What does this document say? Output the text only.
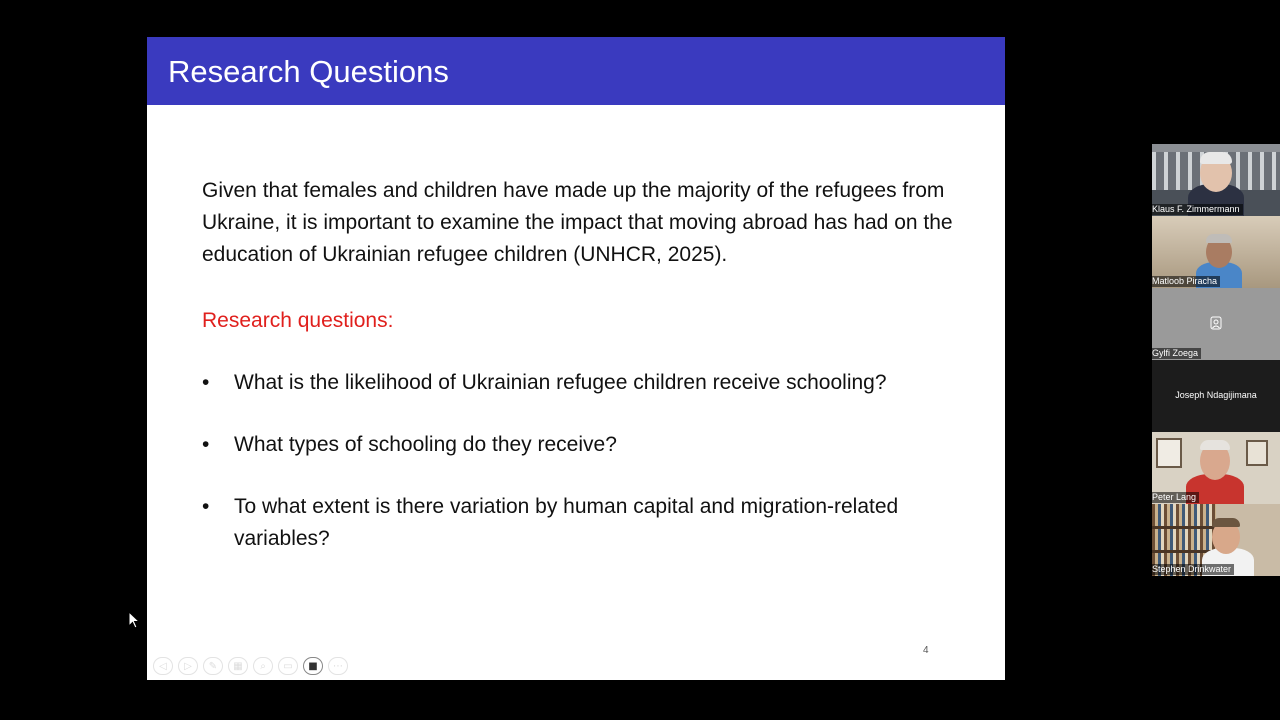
Research Questions

Given that females and children have made up the majority of the refugees from Ukraine, it is important to examine the impact that moving abroad has had on the education of Ukrainian refugee children (UNHCR, 2025).

Research questions:

•	What is the likelihood of Ukrainian refugee children receive schooling?
•	What types of schooling do they receive?
•	To what extent is there variation by human capital and migration-related variables?
4
◁	▷	✎	▦	⌕	▭	■	⋯
Klaus F. Zimmermann
Matloob Piracha
Gylfi Zoega
Joseph Ndagijimana
Peter Lang
Stephen Drinkwater
